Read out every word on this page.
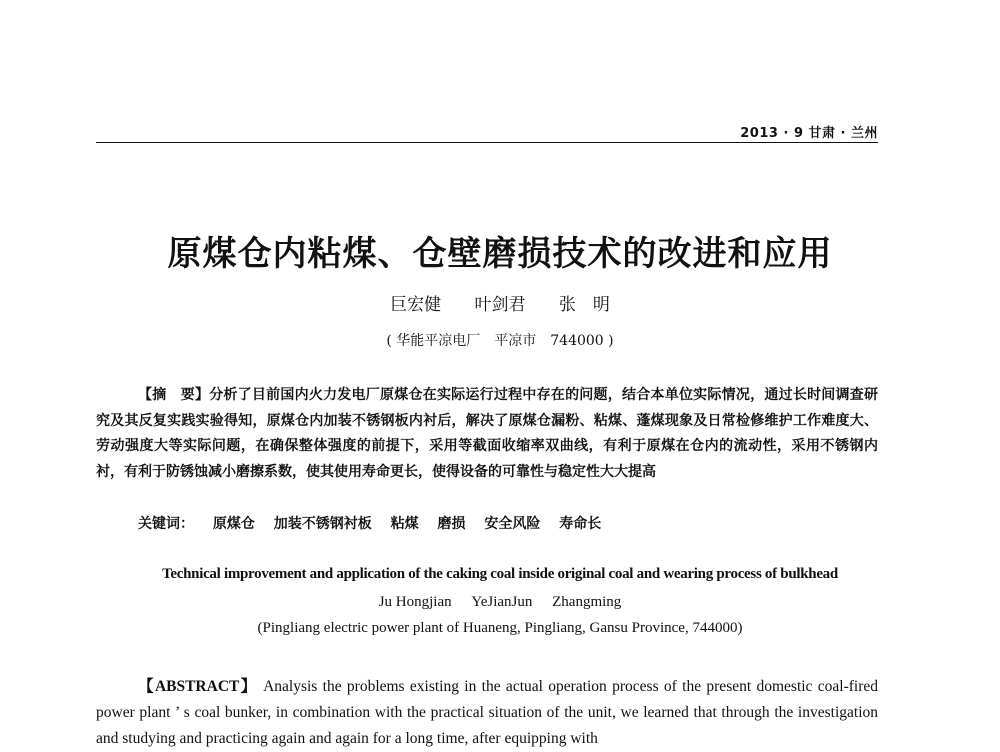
2013 · 9 甘肃 · 兰州
原煤仓内粘煤、仓壁磨损技术的改进和应用
巨宏健 叶剑君 张　明
( 华能平凉电厂　平凉市　744000 )
【摘　要】分析了目前国内火力发电厂原煤仓在实际运行过程中存在的问题，结合本单位实际情况，通过长时间调查研究及其反复实践实验得知，原煤仓内加装不锈钢板内衬后，解决了原煤仓漏粉、粘煤、蓬煤现象及日常检修维护工作难度大、劳动强度大等实际问题，在确保整体强度的前提下，采用等截面收缩率双曲线，有利于原煤在仓内的流动性，采用不锈钢内衬，有利于防锈蚀减小磨擦系数，使其使用寿命更长，使得设备的可靠性与稳定性大大提高
关键词： 原煤仓 加装不锈钢衬板 粘煤 磨损 安全风险 寿命长
Technical improvement and application of the caking coal inside original coal and wearing process of bulkhead
Ju Hongjian YeJianJun Zhangming
(Pingliang electric power plant of Huaneng, Pingliang, Gansu Province, 744000)
【ABSTRACT】 Analysis the problems existing in the actual operation process of the present domestic coal-fired power plant ’ s coal bunker, in combination with the practical situation of the unit, we learned that through the investigation and studying and practicing again and again for a long time, after equipping with
